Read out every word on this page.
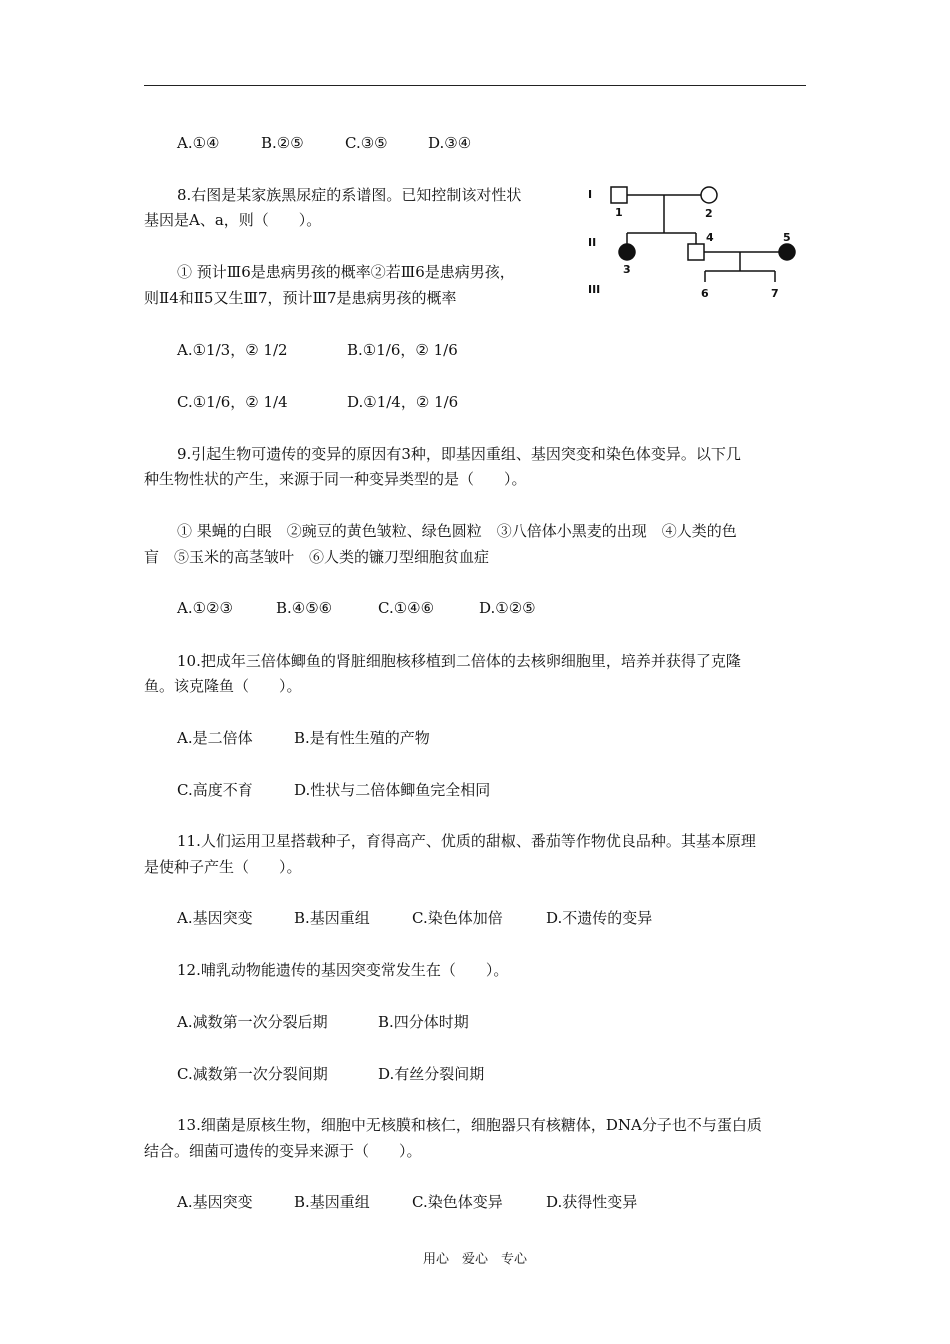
A.①④	B.②⑤	C.③⑤	D.③④
8.右图是某家族黑尿症的系谱图。已知控制该对性状
基因是A、a，则（　　）。
① 预计Ⅲ6是患病男孩的概率②若Ⅲ6是患病男孩，
则Ⅱ4和Ⅱ5又生Ⅲ7，预计Ⅲ7是患病男孩的概率
I
II
III
1	2
3
4	5
6	7
A.①1/3，② 1/2	B.①1/6，② 1/6
C.①1/6，② 1/4	D.①1/4，② 1/6
9.引起生物可遗传的变异的原因有3种，即基因重组、基因突变和染色体变异。以下几
种生物性状的产生，来源于同一种变异类型的是（　　）。
① 果蝇的白眼　②豌豆的黄色皱粒、绿色圆粒　③八倍体小黑麦的出现　④人类的色
盲　⑤玉米的高茎皱叶　⑥人类的镰刀型细胞贫血症
A.①②③	B.④⑤⑥	C.①④⑥	D.①②⑤
10.把成年三倍体鲫鱼的肾脏细胞核移植到二倍体的去核卵细胞里，培养并获得了克隆
鱼。该克隆鱼（　　）。
A.是二倍体	B.是有性生殖的产物
C.高度不育	D.性状与二倍体鲫鱼完全相同
11.人们运用卫星搭载种子，育得高产、优质的甜椒、番茄等作物优良品种。其基本原理
是使种子产生（　　）。
A.基因突变	B.基因重组	C.染色体加倍	D.不遗传的变异
12.哺乳动物能遗传的基因突变常发生在（　　）。
A.减数第一次分裂后期	B.四分体时期
C.减数第一次分裂间期	D.有丝分裂间期
13.细菌是原核生物，细胞中无核膜和核仁，细胞器只有核糖体，DNA分子也不与蛋白质
结合。细菌可遗传的变异来源于（　　）。
A.基因突变	B.基因重组	C.染色体变异	D.获得性变异
用心　爱心　专心
